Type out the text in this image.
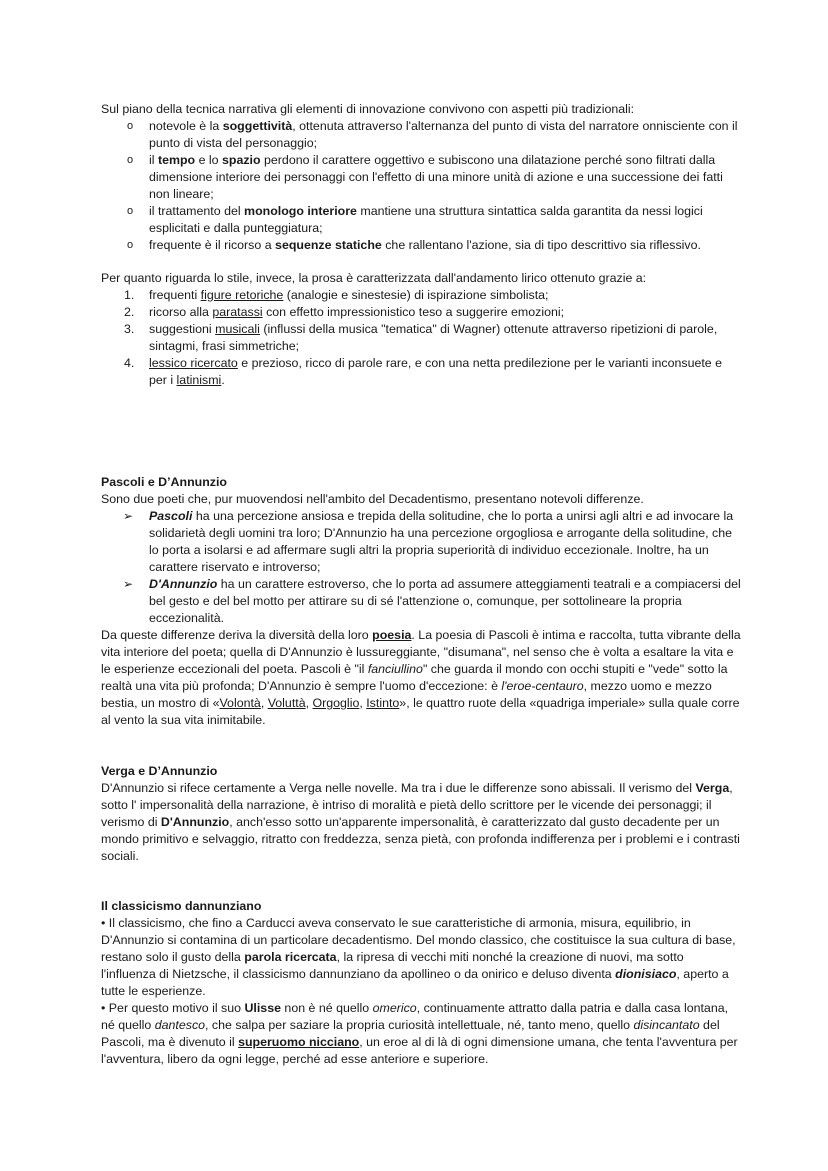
Sul piano della tecnica narrativa gli elementi di innovazione convivono con aspetti più tradizionali:

o notevole è la soggettività, ottenuta attraverso l'alternanza del punto di vista del narratore onnisciente con il punto di vista del personaggio;
o il tempo e lo spazio perdono il carattere oggettivo e subiscono una dilatazione perché sono filtrati dalla dimensione interiore dei personaggi con l'effetto di una minore unità di azione e una successione dei fatti non lineare;
o il trattamento del monologo interiore mantiene una struttura sintattica salda garantita da nessi logici esplicitati e dalla punteggiatura;
o frequente è il ricorso a sequenze statiche che rallentano l'azione, sia di tipo descrittivo sia riflessivo.

Per quanto riguarda lo stile, invece, la prosa è caratterizzata dall'andamento lirico ottenuto grazie a:

1. frequenti figure retoriche (analogie e sinestesie) di ispirazione simbolista;
2. ricorso alla paratassi con effetto impressionistico teso a suggerire emozioni;
3. suggestioni musicali (influssi della musica "tematica" di Wagner) ottenute attraverso ripetizioni di parole, sintagmi, frasi simmetriche;
4. lessico ricercato e prezioso, ricco di parole rare, e con una netta predilezione per le varianti inconsuete e per i latinismi.

Pascoli e D’Annunzio

Sono due poeti che, pur muovendosi nell'ambito del Decadentismo, presentano notevoli differenze.

➢ Pascoli ha una percezione ansiosa e trepida della solitudine, che lo porta a unirsi agli altri e ad invocare la solidarietà degli uomini tra loro; D'Annunzio ha una percezione orgogliosa e arrogante della solitudine, che lo porta a isolarsi e ad affermare sugli altri la propria superiorità di individuo eccezionale. Inoltre, ha un carattere riservato e introverso;
➢ D'Annunzio ha un carattere estroverso, che lo porta ad assumere atteggiamenti teatrali e a compiacersi del bel gesto e del bel motto per attirare su di sé l'attenzione o, comunque, per sottolineare la propria eccezionalità.

Da queste differenze deriva la diversità della loro poesia. La poesia di Pascoli è intima e raccolta, tutta vibrante della vita interiore del poeta; quella di D'Annunzio è lussureggiante, "disumana", nel senso che è volta a esaltare la vita e le esperienze eccezionali del poeta. Pascoli è "il fanciullino" che guarda il mondo con occhi stupiti e "vede" sotto la realtà una vita più profonda; D'Annunzio è sempre l'uomo d'eccezione: è l'eroe-centauro, mezzo uomo e mezzo bestia, un mostro di «Volontà, Voluttà, Orgoglio, Istinto», le quattro ruote della «quadriga imperiale» sulla quale corre al vento la sua vita inimitabile.

Verga e D’Annunzio

D'Annunzio si rifece certamente a Verga nelle novelle. Ma tra i due le differenze sono abissali. Il verismo del Verga, sotto l' impersonalità della narrazione, è intriso di moralità e pietà dello scrittore per le vicende dei personaggi; il verismo di D'Annunzio, anch'esso sotto un'apparente impersonalità, è caratterizzato dal gusto decadente per un mondo primitivo e selvaggio, ritratto con freddezza, senza pietà, con profonda indifferenza per i problemi e i contrasti sociali.

Il classicismo dannunziano

• Il classicismo, che fino a Carducci aveva conservato le sue caratteristiche di armonia, misura, equilibrio, in D'Annunzio si contamina di un particolare decadentismo. Del mondo classico, che costituisce la sua cultura di base, restano solo il gusto della parola ricercata, la ripresa di vecchi miti nonché la creazione di nuovi, ma sotto l'influenza di Nietzsche, il classicismo dannunziano da apollineo o da onirico e deluso diventa dionisiaco, aperto a tutte le esperienze.

• Per questo motivo il suo Ulisse non è né quello omerico, continuamente attratto dalla patria e dalla casa lontana, né quello dantesco, che salpa per saziare la propria curiosità intellettuale, né, tanto meno, quello disincantato del Pascoli, ma è divenuto il superuomo nicciano, un eroe al di là di ogni dimensione umana, che tenta l'avventura per l'avventura, libero da ogni legge, perché ad esse anteriore e superiore.
